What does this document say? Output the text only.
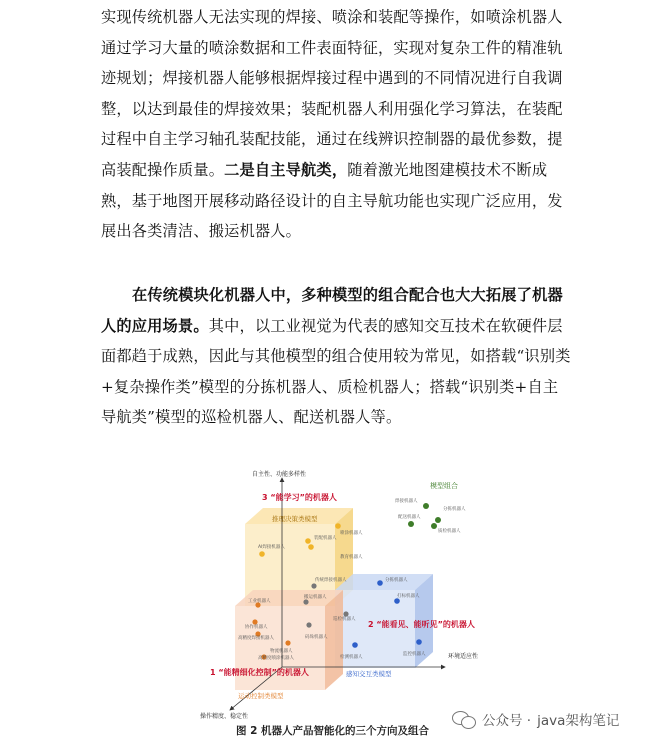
实现传统机器人无法实现的焊接、喷涂和装配等操作，如喷涂机器人通过学习大量的喷涂数据和工件表面特征，实现对复杂工件的精准轨迹规划；焊接机器人能够根据焊接过程中遇到的不同情况进行自我调整，以达到最佳的焊接效果；装配机器人利用强化学习算法，在装配过程中自主学习轴孔装配技能，通过在线辨识控制器的最优参数，提高装配操作质量。二是自主导航类，随着激光地图建模技术不断成熟，基于地图开展移动路径设计的自主导航功能也实现广泛应用，发展出各类清洁、搬运机器人。
在传统模块化机器人中，多种模型的组合配合也大大拓展了机器人的应用场景。其中，以工业视觉为代表的感知交互技术在软硬件层面都趋于成熟，因此与其他模型的组合使用较为常见，如搭载“识别类+复杂操作类”模型的分拣机器人、质检机器人；搭载“识别类+自主导航类”模型的巡检机器人、配送机器人等。
自主性、功能多样性
环境适应性
操作精度、稳定性
3 “能学习”的机器人
推理决策类模型
装配机器人
AI焊接机器人
喷涂机器人
教育机器人
模型组合
焊接机器人
分拣机器人
配送机器人
质检机器人
传统焊接机器人
搬运机器人
巡检机器人
码垛机器人
2 “能看见、能听见”的机器人
感知交互类模型
分拣机器人
打标机器人
监控机器人
检测机器人
1 “能精细化控制”的机器人
运动控制类模型
工业机器人
协作机器人
高精度焊接机器人
物流机器人
高精度喷涂机器人
公众号 · java架构笔记
图 2 机器人产品智能化的三个方向及组合
